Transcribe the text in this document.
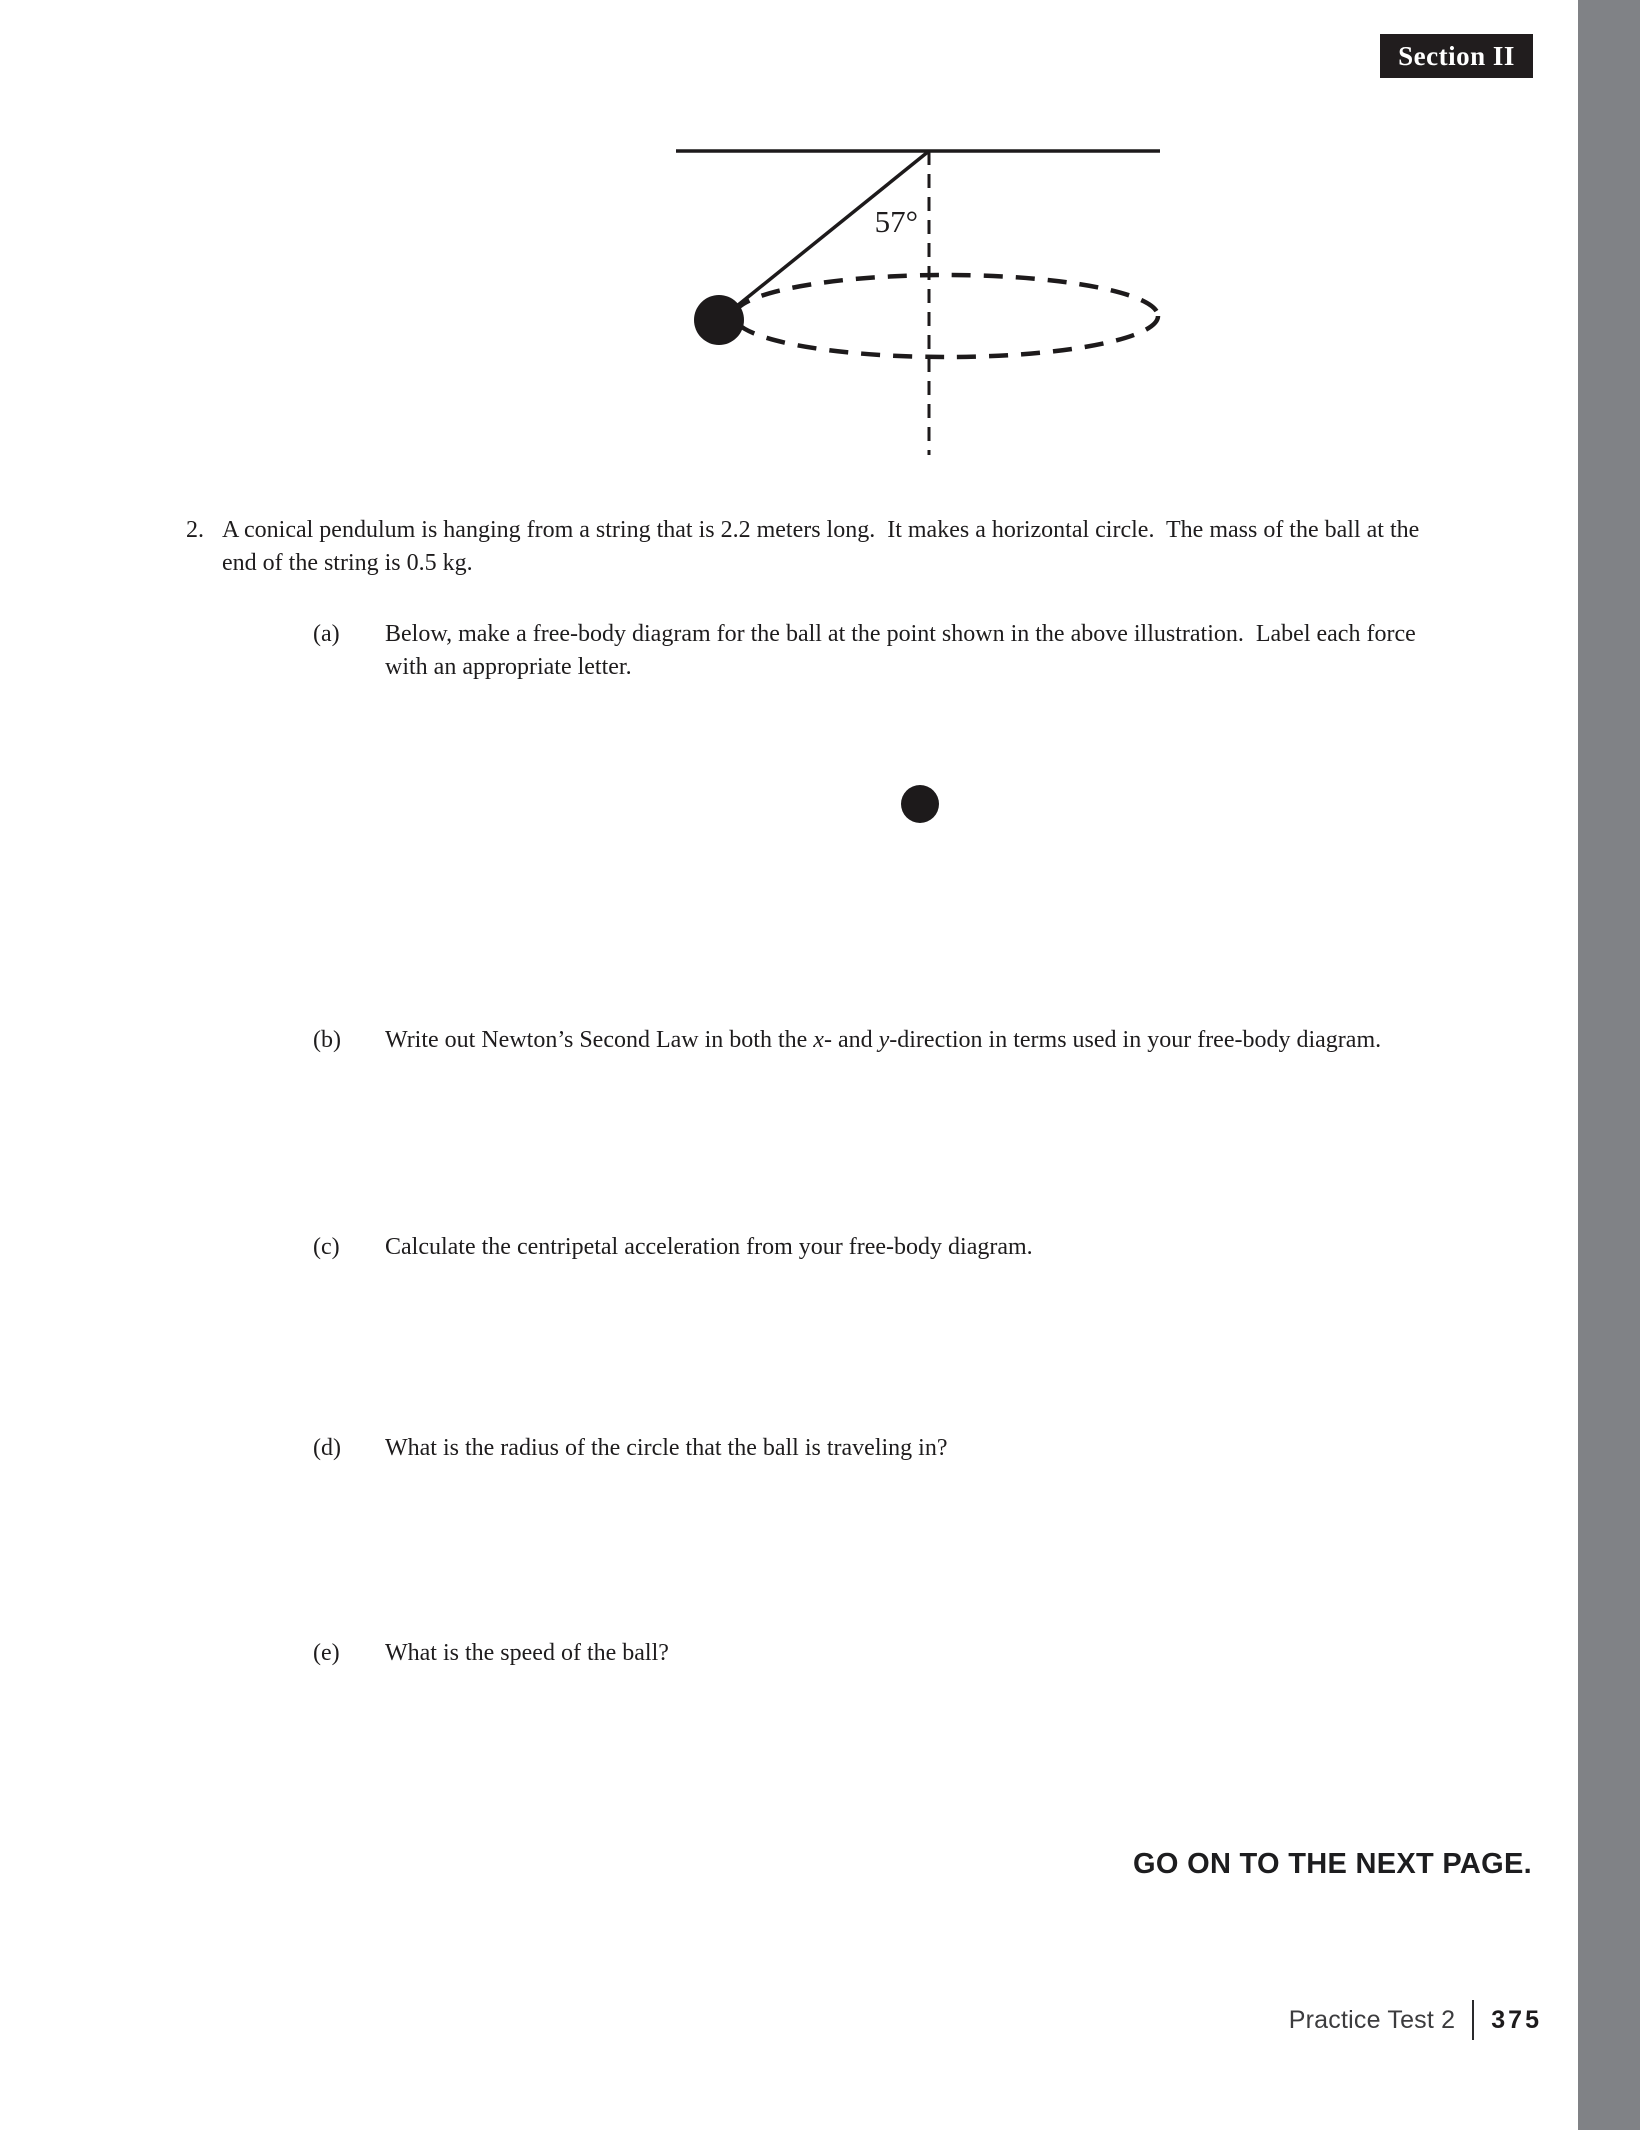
Section II
57°
2. A conical pendulum is hanging from a string that is 2.2 meters long.  It makes a horizontal circle.  The mass of the ball at the
end of the string is 0.5 kg.
(a) Below, make a free-body diagram for the ball at the point shown in the above illustration.  Label each force
with an appropriate letter.
(b) Write out Newton’s Second Law in both the x- and y-direction in terms used in your free-body diagram.
(c) Calculate the centripetal acceleration from your free-body diagram.
(d) What is the radius of the circle that the ball is traveling in?
(e) What is the speed of the ball?
GO ON TO THE NEXT PAGE.
Practice Test 2 375
